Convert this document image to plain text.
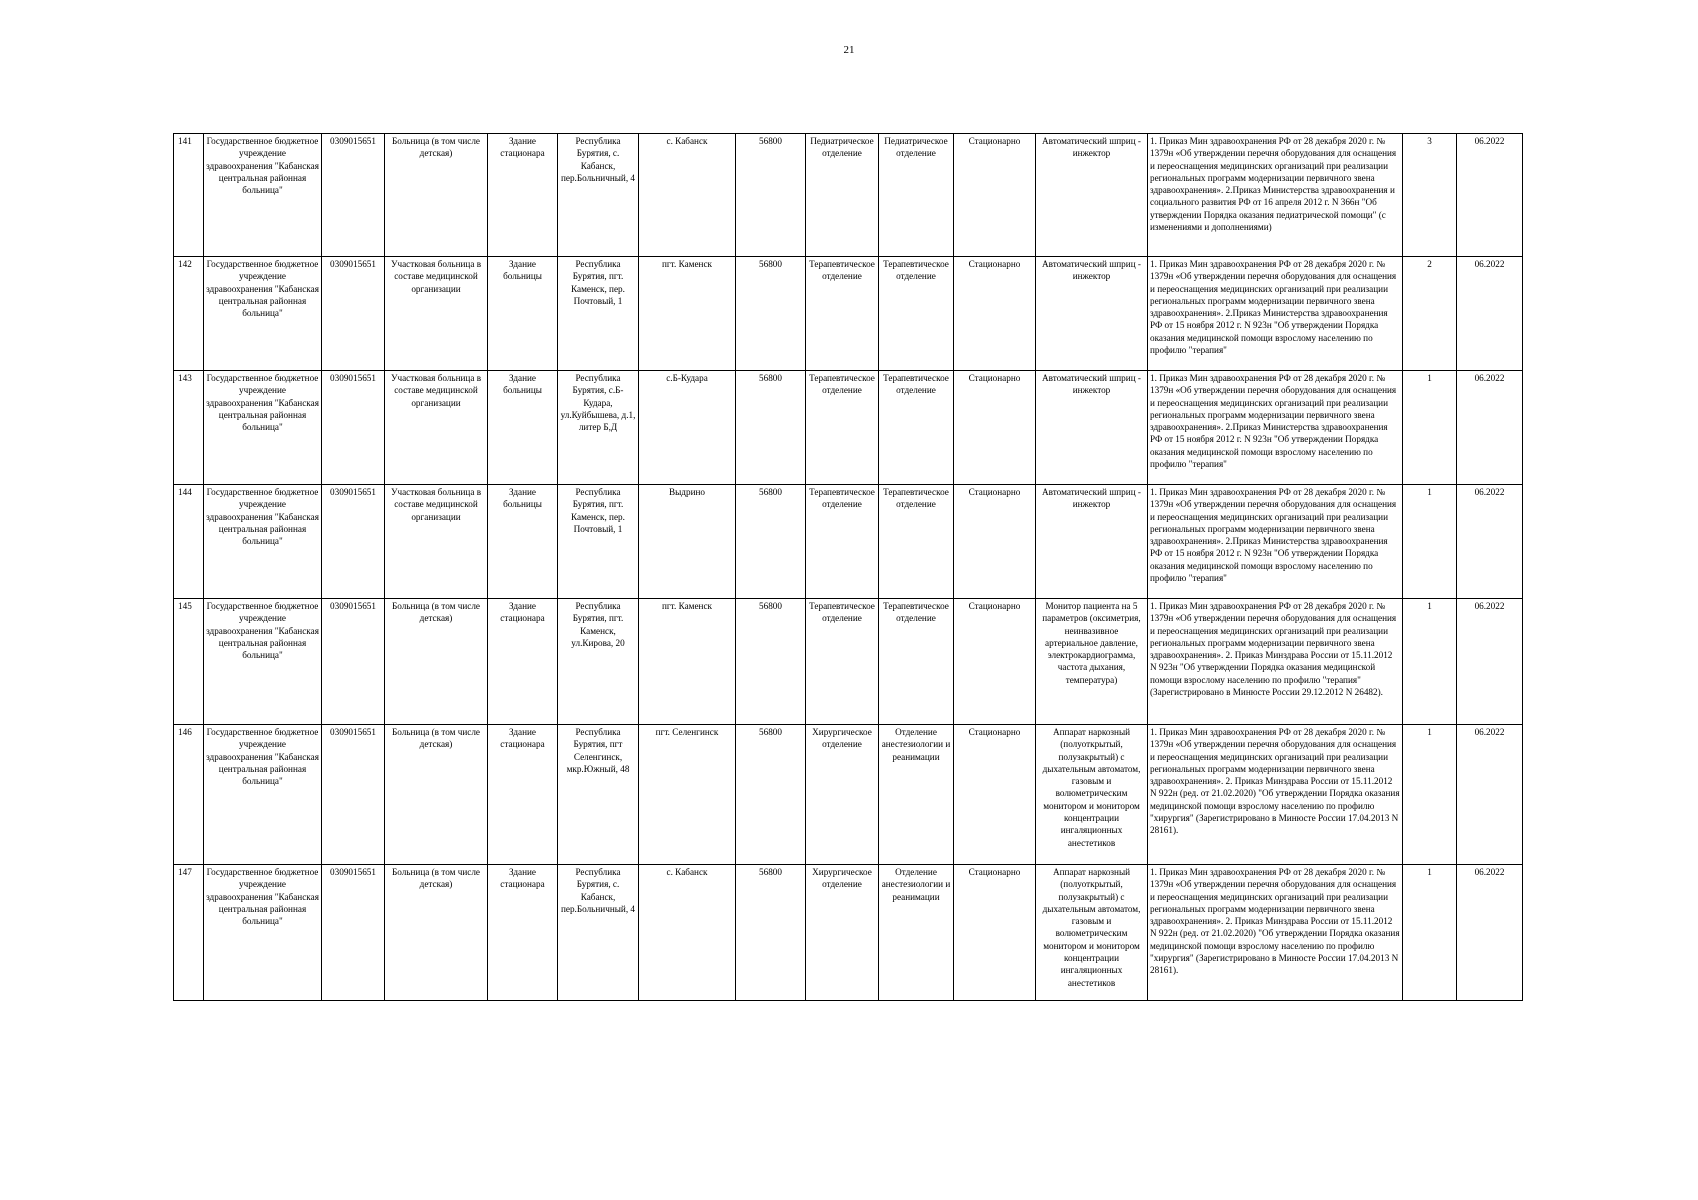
21
141	Государственное бюджетное учреждение здравоохранения "Кабанская центральная районная больница"	0309015651	Больница (в том числе детская)	Здание стационара	Республика Бурятия, с. Кабанск, пер.Больничный, 4	с. Кабанск	56800	Педиатрическое отделение	Педиатрическое отделение	Стационарно	Автоматический шприц - инжектор	1. Приказ Мин здравоохранения РФ от 28 декабря 2020 г. № 1379н «Об утверждении перечня оборудования для оснащения и переоснащения медицинских организаций при реализации региональных программ модернизации первичного звена здравоохранения». 2.Приказ Министерства здравоохранения и социального развития РФ от 16 апреля 2012 г. N 366н "Об утверждении Порядка оказания педиатрической помощи" (с изменениями и дополнениями)	3	06.2022
142	Государственное бюджетное учреждение здравоохранения "Кабанская центральная районная больница"	0309015651	Участковая больница в составе медицинской организации	Здание больницы	Республика Бурятия, пгт. Каменск, пер. Почтовый, 1	пгт. Каменск	56800	Терапевтическое отделение	Терапевтическое отделение	Стационарно	Автоматический шприц - инжектор	1. Приказ Мин здравоохранения РФ от 28 декабря 2020 г. № 1379н «Об утверждении перечня оборудования для оснащения и переоснащения медицинских организаций при реализации региональных программ модернизации первичного звена здравоохранения». 2.Приказ Министерства здравоохранения РФ от 15 ноября 2012 г. N 923н "Об утверждении Порядка оказания медицинской помощи взрослому населению по профилю "терапия"	2	06.2022
143	Государственное бюджетное учреждение здравоохранения "Кабанская центральная районная больница"	0309015651	Участковая больница в составе медицинской организации	Здание больницы	Республика Бурятия, с.Б-Кудара, ул.Куйбышева, д.1, литер Б,Д	с.Б-Кудара	56800	Терапевтическое отделение	Терапевтическое отделение	Стационарно	Автоматический шприц - инжектор	1. Приказ Мин здравоохранения РФ от 28 декабря 2020 г. № 1379н «Об утверждении перечня оборудования для оснащения и переоснащения медицинских организаций при реализации региональных программ модернизации первичного звена здравоохранения». 2.Приказ Министерства здравоохранения РФ от 15 ноября 2012 г. N 923н "Об утверждении Порядка оказания медицинской помощи взрослому населению по профилю "терапия"	1	06.2022
144	Государственное бюджетное учреждение здравоохранения "Кабанская центральная районная больница"	0309015651	Участковая больница в составе медицинской организации	Здание больницы	Республика Бурятия, пгт. Каменск, пер. Почтовый, 1	Выдрино	56800	Терапевтическое отделение	Терапевтическое отделение	Стационарно	Автоматический шприц - инжектор	1. Приказ Мин здравоохранения РФ от 28 декабря 2020 г. № 1379н «Об утверждении перечня оборудования для оснащения и переоснащения медицинских организаций при реализации региональных программ модернизации первичного звена здравоохранения». 2.Приказ Министерства здравоохранения РФ от 15 ноября 2012 г. N 923н "Об утверждении Порядка оказания медицинской помощи взрослому населению по профилю "терапия"	1	06.2022
145	Государственное бюджетное учреждение здравоохранения "Кабанская центральная районная больница"	0309015651	Больница (в том числе детская)	Здание стационара	Республика Бурятия, пгт. Каменск, ул.Кирова, 20	пгт. Каменск	56800	Терапевтическое отделение	Терапевтическое отделение	Стационарно	Монитор пациента на 5 параметров (оксиметрия, неинвазивное артериальное давление, электрокардиограмма, частота дыхания, температура)	1. Приказ Мин здравоохранения РФ от 28 декабря 2020 г. № 1379н «Об утверждении перечня оборудования для оснащения и переоснащения медицинских организаций при реализации региональных программ модернизации первичного звена здравоохранения». 2. Приказ Минздрава России от 15.11.2012 N 923н "Об утверждении Порядка оказания медицинской помощи взрослому населению по профилю "терапия" (Зарегистрировано в Минюсте России 29.12.2012 N 26482).	1	06.2022
146	Государственное бюджетное учреждение здравоохранения "Кабанская центральная районная больница"	0309015651	Больница (в том числе детская)	Здание стационара	Республика Бурятия, пгт Селенгинск, мкр.Южный, 48	пгт. Селенгинск	56800	Хирургическое отделение	Отделение анестезиологии и реанимации	Стационарно	Аппарат наркозный (полуоткрытый, полузакрытый) с дыхательным автоматом, газовым и волюметрическим монитором и монитором концентрации ингаляционных анестетиков	1. Приказ Мин здравоохранения РФ от 28 декабря 2020 г. № 1379н «Об утверждении перечня оборудования для оснащения и переоснащения медицинских организаций при реализации региональных программ модернизации первичного звена здравоохранения». 2. Приказ Минздрава России от 15.11.2012 N 922н (ред. от 21.02.2020) "Об утверждении Порядка оказания медицинской помощи взрослому населению по профилю "хирургия" (Зарегистрировано в Минюсте России 17.04.2013 N 28161).	1	06.2022
147	Государственное бюджетное учреждение здравоохранения "Кабанская центральная районная больница"	0309015651	Больница (в том числе детская)	Здание стационара	Республика Бурятия, с. Кабанск, пер.Больничный, 4	с. Кабанск	56800	Хирургическое отделение	Отделение анестезиологии и реанимации	Стационарно	Аппарат наркозный (полуоткрытый, полузакрытый) с дыхательным автоматом, газовым и волюметрическим монитором и монитором концентрации ингаляционных анестетиков	1. Приказ Мин здравоохранения РФ от 28 декабря 2020 г. № 1379н «Об утверждении перечня оборудования для оснащения и переоснащения медицинских организаций при реализации региональных программ модернизации первичного звена здравоохранения». 2. Приказ Минздрава России от 15.11.2012 N 922н (ред. от 21.02.2020) "Об утверждении Порядка оказания медицинской помощи взрослому населению по профилю "хирургия" (Зарегистрировано в Минюсте России 17.04.2013 N 28161).	1	06.2022
